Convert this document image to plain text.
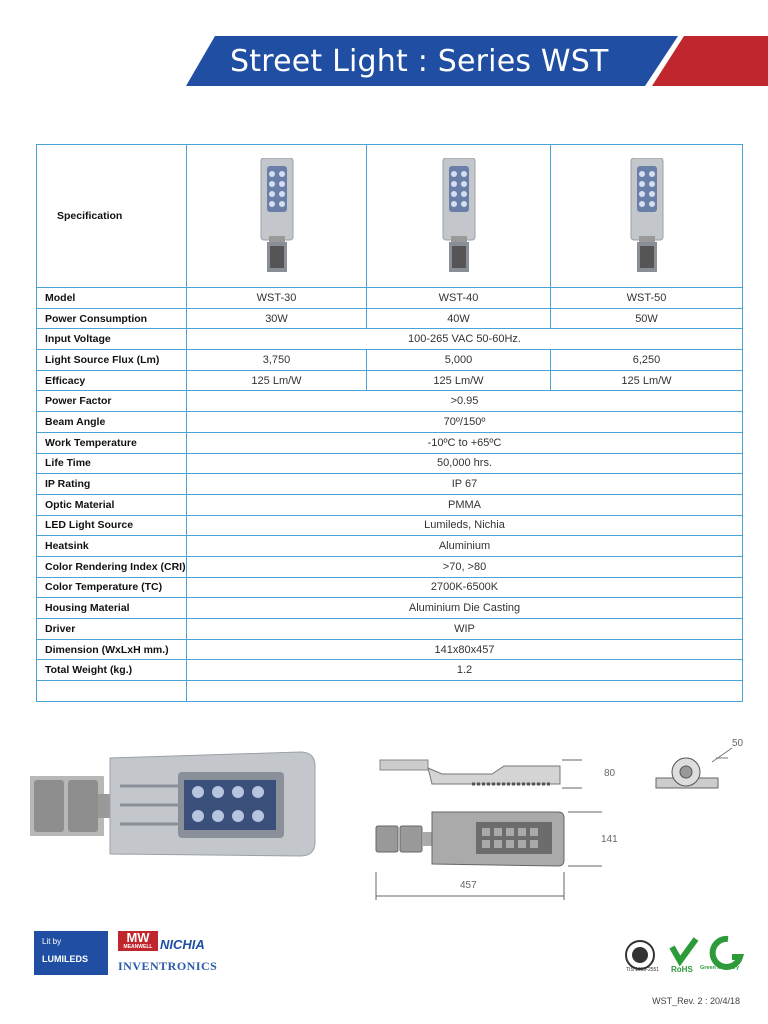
Street Light : Series WST
Specification	

Model	WST-30	WST-40	WST-50
Power Consumption	30W	40W	50W
Input Voltage	100-265 VAC 50-60Hz.		
Light Source Flux (Lm)	3,750	5,000	6,250
Efficacy	125 Lm/W	125 Lm/W	125 Lm/W
Power Factor	>0.95		
Beam Angle	70º/150º		
Work Temperature	-10ºC to +65ºC		
Life Time	50,000 hrs.		
IP Rating	IP 67		
Optic Material	PMMA		
LED Light Source	Lumileds, Nichia		
Heatsink	Aluminium		
Color Rendering Index (CRI)	>70, >80		
Color Temperature (TC)	2700K-6500K		
Housing Material	Aluminium Die Casting		
Driver	WIP		
Dimension (WxLxH mm.)	141x80x457		
Total Weight (kg.)	1.2		

80
141
457
50
Lit by
LUMILEDS
MW
MEANWELL NICHIA
INVENTRONICS	TIS 1955-2551 RoHS Green Industry
WST_Rev. 2 : 20/4/18
